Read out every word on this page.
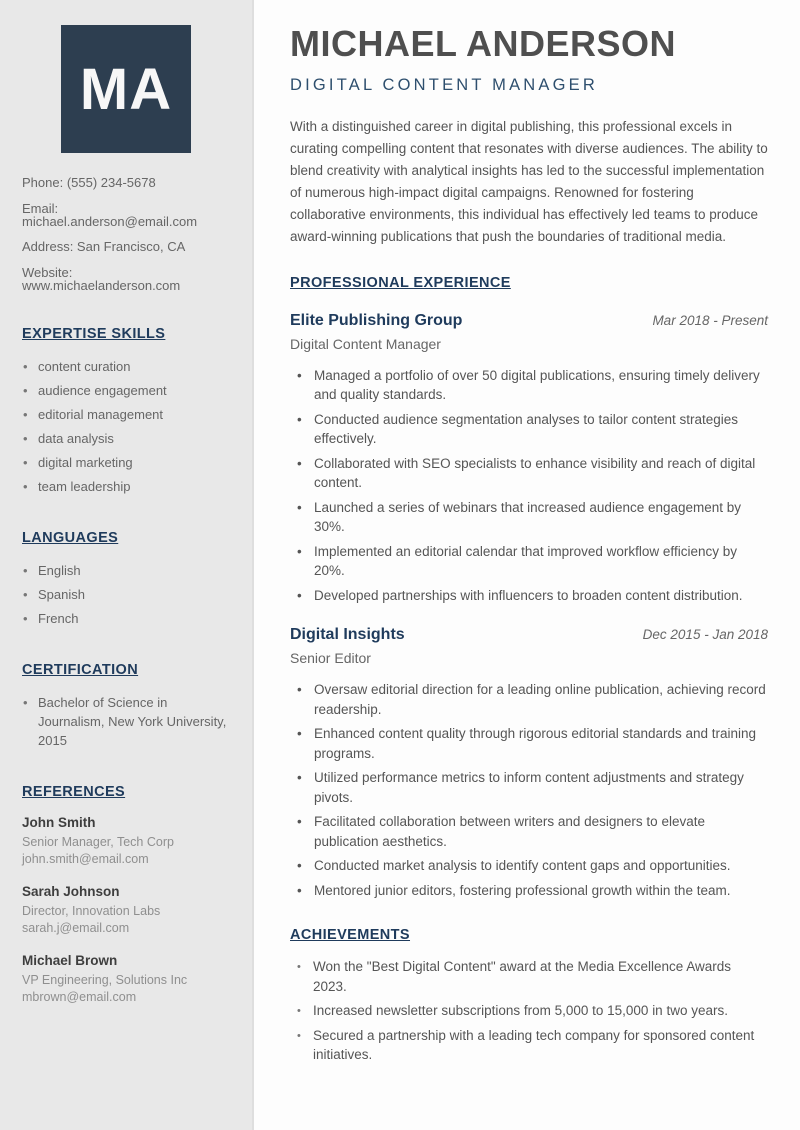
MA
Phone: (555) 234-5678
Email: michael.anderson@email.com
Address: San Francisco, CA
Website: www.michaelanderson.com
EXPERTISE SKILLS
• content curation
• audience engagement
• editorial management
• data analysis
• digital marketing
• team leadership
LANGUAGES
• English
• Spanish
• French
CERTIFICATION
• Bachelor of Science in Journalism, New York University, 2015
REFERENCES
John Smith
Senior Manager, Tech Corp
john.smith@email.com
Sarah Johnson
Director, Innovation Labs
sarah.j@email.com
Michael Brown
VP Engineering, Solutions Inc
mbrown@email.com
MICHAEL ANDERSON
DIGITAL CONTENT MANAGER

With a distinguished career in digital publishing, this professional excels in curating compelling content that resonates with diverse audiences. The ability to blend creativity with analytical insights has led to the successful implementation of numerous high-impact digital campaigns. Renowned for fostering collaborative environments, this individual has effectively led teams to produce award-winning publications that push the boundaries of traditional media.

PROFESSIONAL EXPERIENCE
Elite Publishing Group	Mar 2018 - Present
Digital Content Manager
• Managed a portfolio of over 50 digital publications, ensuring timely delivery and quality standards.
• Conducted audience segmentation analyses to tailor content strategies effectively.
• Collaborated with SEO specialists to enhance visibility and reach of digital content.
• Launched a series of webinars that increased audience engagement by 30%.
• Implemented an editorial calendar that improved workflow efficiency by 20%.
• Developed partnerships with influencers to broaden content distribution.
Digital Insights	Dec 2015 - Jan 2018
Senior Editor
• Oversaw editorial direction for a leading online publication, achieving record readership.
• Enhanced content quality through rigorous editorial standards and training programs.
• Utilized performance metrics to inform content adjustments and strategy pivots.
• Facilitated collaboration between writers and designers to elevate publication aesthetics.
• Conducted market analysis to identify content gaps and opportunities.
• Mentored junior editors, fostering professional growth within the team.
ACHIEVEMENTS
• Won the "Best Digital Content" award at the Media Excellence Awards 2023.
• Increased newsletter subscriptions from 5,000 to 15,000 in two years.
• Secured a partnership with a leading tech company for sponsored content initiatives.
